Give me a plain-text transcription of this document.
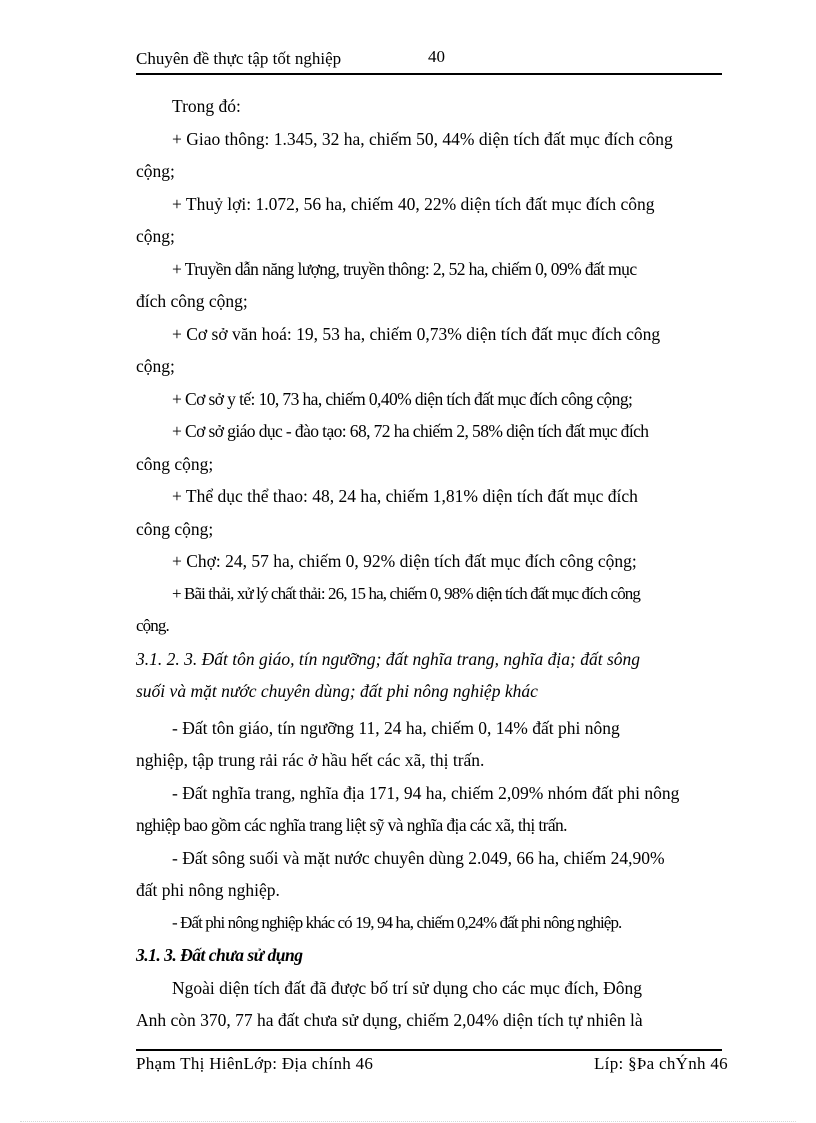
Chuyên đề thực tập tốt nghiệp	40

Trong đó:

+ Giao thông: 1.345, 32 ha, chiếm 50, 44% diện tích đất mục đích công

cộng;

+ Thuỷ lợi: 1.072, 56 ha, chiếm 40, 22% diện tích đất mục đích công

cộng;

+ Truyền dẫn năng lượng, truyền thông: 2, 52 ha, chiếm 0, 09% đất mục

đích công cộng;

+ Cơ sở văn hoá: 19, 53 ha, chiếm 0,73% diện tích đất mục đích công

cộng;

+ Cơ sở y tế: 10, 73 ha, chiếm 0,40% diện tích đất mục đích công cộng;

+ Cơ sở giáo dục - đào tạo: 68, 72 ha chiếm 2, 58% diện tích đất mục đích

công cộng;

+ Thể dục thể thao: 48, 24 ha, chiếm 1,81% diện tích đất mục đích

công cộng;

+ Chợ: 24, 57 ha, chiếm 0, 92% diện tích đất mục đích công cộng;

+ Bãi thải, xử lý chất thải: 26, 15 ha, chiếm 0, 98% diện tích đất mục đích công

cộng.

3.1. 2. 3. Đất tôn giáo, tín ngưỡng; đất nghĩa trang, nghĩa địa; đất sông

suối và mặt nước chuyên dùng; đất phi nông nghiệp khác

- Đất tôn giáo, tín ngưỡng 11, 24 ha, chiếm 0, 14% đất phi nông

nghiệp, tập trung rải rác ở hầu hết các xã, thị trấn.

- Đất nghĩa trang, nghĩa địa 171, 94 ha, chiếm 2,09% nhóm đất phi nông

nghiệp bao gồm các nghĩa trang liệt sỹ và nghĩa địa các xã, thị trấn.

- Đất sông suối và mặt nước chuyên dùng 2.049, 66 ha, chiếm 24,90%

đất phi nông nghiệp.

- Đất phi nông nghiệp khác có 19, 94 ha, chiếm 0,24% đất phi nông nghiệp.

3.1. 3. Đất chưa sử dụng

Ngoài diện tích đất đã được bố trí sử dụng cho các mục đích, Đông

Anh còn 370, 77 ha đất chưa sử dụng, chiếm 2,04% diện tích tự nhiên là

Phạm Thị HiênLớp: Địa chính 46	Líp: §Þa chÝnh 46
